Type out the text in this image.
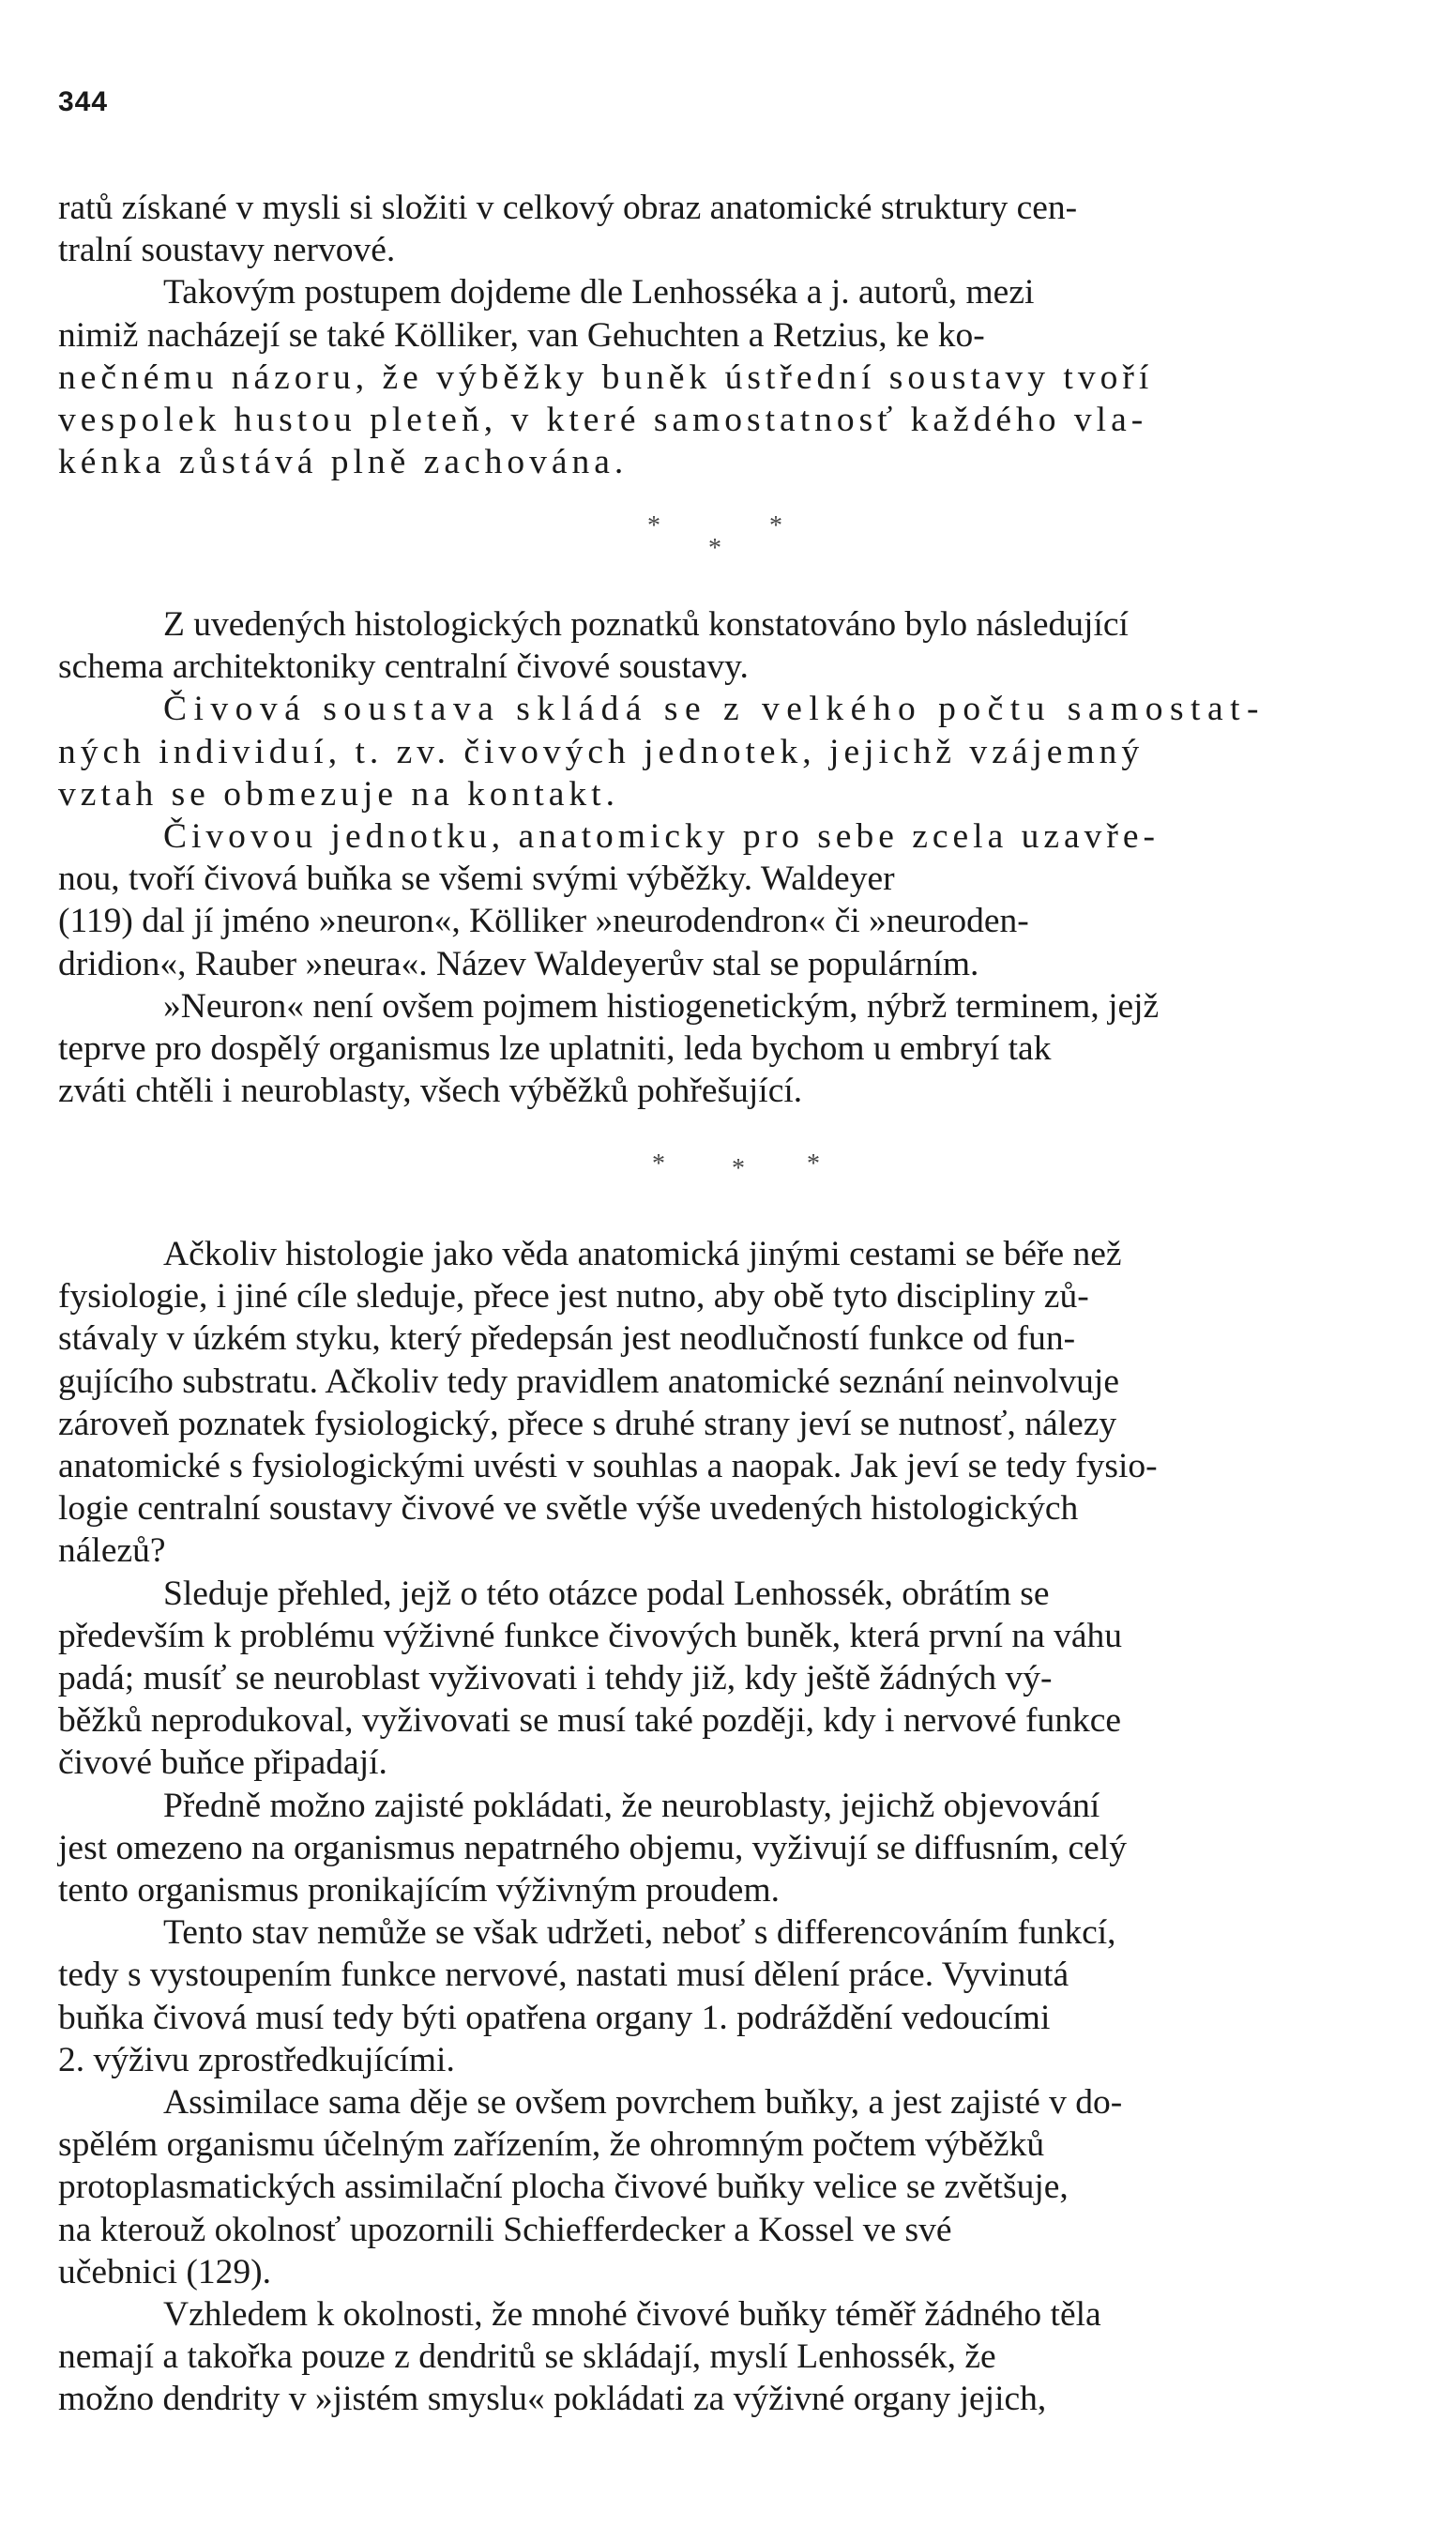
344

ratů získané v mysli si složiti v celkový obraz anatomické struktury cen-
tralní soustavy nervové.

Takovým postupem dojdeme dle Lenhosséka a j. autorů, mezi
nimiž nacházejí se také Kölliker, van Gehuchten a Retzius, ke ko-
nečnému názoru, že výběžky buněk ústřední soustavy tvoří
vespolek hustou pleteň, v které samostatnosť každého vla-
kénka zůstává plně zachována.

*	*
*

Z uvedených histologických poznatků konstatováno bylo následující
schema architektoniky centralní čivové soustavy.

Čivová soustava skládá se z velkého počtu samostat-
ných individuí, t. zv. čivových jednotek, jejichž vzájemný
vztah se obmezuje na kontakt.

Čivovou jednotku, anatomicky pro sebe zcela uzavře-
nou, tvoří čivová buňka se všemi svými výběžky. Waldeyer
(119) dal jí jméno »neuron«, Kölliker »neurodendron« či »neuroden-
dridion«, Rauber »neura«. Název Waldeyerův stal se populárním.

»Neuron« není ovšem pojmem histiogenetickým, nýbrž terminem, jejž
teprve pro dospělý organismus lze uplatniti, leda bychom u embryí tak
zváti chtěli i neuroblasty, všech výběžků pohřešující.

*	* *

Ačkoliv histologie jako věda anatomická jinými cestami se béře než
fysiologie, i jiné cíle sleduje, přece jest nutno, aby obě tyto discipliny zů-
stávaly v úzkém styku, který předepsán jest neodlučností funkce od fun-
gujícího substratu. Ačkoliv tedy pravidlem anatomické seznání neinvolvuje
zároveň poznatek fysiologický, přece s druhé strany jeví se nutnosť, nálezy
anatomické s fysiologickými uvésti v souhlas a naopak. Jak jeví se tedy fysio-
logie centralní soustavy čivové ve světle výše uvedených histologických
nálezů?

Sleduje přehled, jejž o této otázce podal Lenhossék, obrátím se
především k problému výživné funkce čivových buněk, která první na váhu
padá; musíť se neuroblast vyživovati i tehdy již, kdy ještě žádných vý-
běžků neprodukoval, vyživovati se musí také později, kdy i nervové funkce
čivové buňce připadají.

Předně možno zajisté pokládati, že neuroblasty, jejichž objevování
jest omezeno na organismus nepatrného objemu, vyživují se diffusním, celý
tento organismus pronikajícím výživným proudem.

Tento stav nemůže se však udržeti, neboť s differencováním funkcí,
tedy s vystoupením funkce nervové, nastati musí dělení práce. Vyvinutá
buňka čivová musí tedy býti opatřena organy 1. podráždění vedoucími
2. výživu zprostředkujícími.

Assimilace sama děje se ovšem povrchem buňky, a jest zajisté v do-
spělém organismu účelným zařízením, že ohromným počtem výběžků
protoplasmatických assimilační plocha čivové buňky velice se zvětšuje,
na kterouž okolnosť upozornili Schiefferdecker a Kossel ve své
učebnici (129).

Vzhledem k okolnosti, že mnohé čivové buňky téměř žádného těla
nemají a takořka pouze z dendritů se skládají, myslí Lenhossék, že
možno dendrity v »jistém smyslu« pokládati za výživné organy jejich,
